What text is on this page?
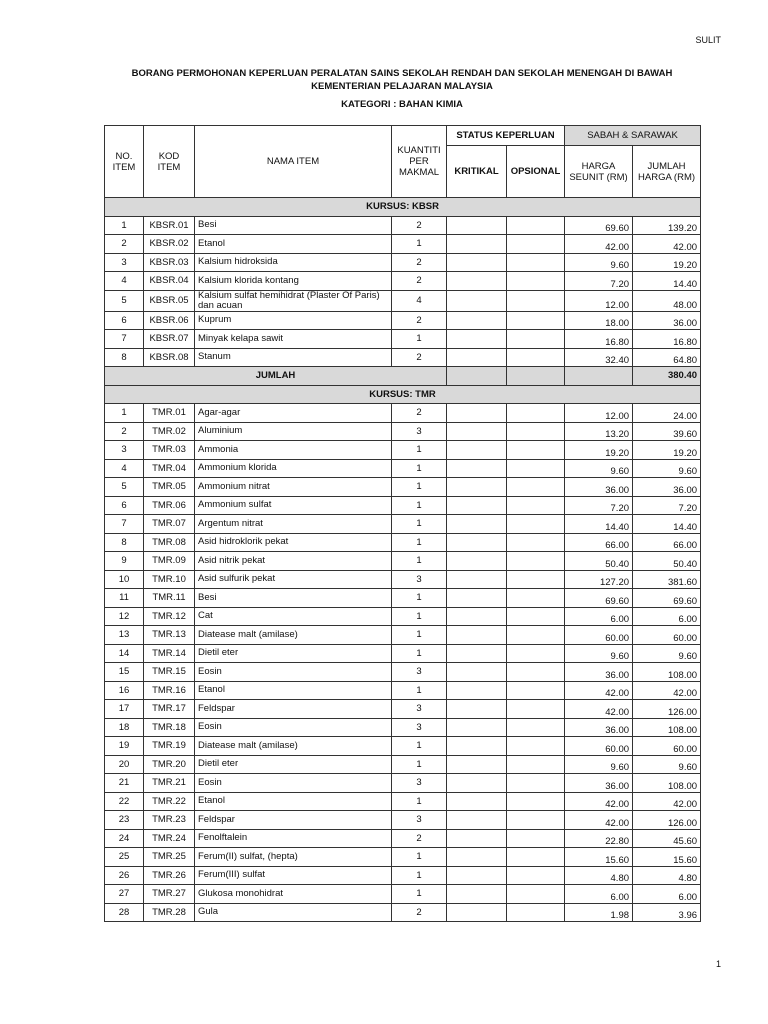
SULIT
BORANG PERMOHONAN KEPERLUAN PERALATAN SAINS SEKOLAH RENDAH DAN SEKOLAH MENENGAH DI BAWAH
KEMENTERIAN PELAJARAN MALAYSIA
KATEGORI : BAHAN KIMIA
NO. ITEM	KOD ITEM	NAMA ITEM	KUANTITI PER MAKMAL	STATUS KEPERLUAN		SABAH & SARAWAK	
				KRITIKAL	OPSIONAL	HARGA SEUNIT (RM)	JUMLAH HARGA (RM)
KURSUS: KBSR							
1	KBSR.01	Besi	2			69.60	139.20
2	KBSR.02	Etanol	1			42.00	42.00
3	KBSR.03	Kalsium hidroksida	2			9.60	19.20
4	KBSR.04	Kalsium klorida kontang	2			7.20	14.40
5	KBSR.05	Kalsium sulfat hemihidrat (Plaster Of Paris) dan acuan	4			12.00	48.00
6	KBSR.06	Kuprum	2			18.00	36.00
7	KBSR.07	Minyak kelapa sawit	1			16.80	16.80
8	KBSR.08	Stanum	2			32.40	64.80
JUMLAH							380.40
KURSUS: TMR							
1	TMR.01	Agar-agar	2			12.00	24.00
2	TMR.02	Aluminium	3			13.20	39.60
3	TMR.03	Ammonia	1			19.20	19.20
4	TMR.04	Ammonium klorida	1			9.60	9.60
5	TMR.05	Ammonium nitrat	1			36.00	36.00
6	TMR.06	Ammonium sulfat	1			7.20	7.20
7	TMR.07	Argentum nitrat	1			14.40	14.40
8	TMR.08	Asid hidroklorik pekat	1			66.00	66.00
9	TMR.09	Asid nitrik pekat	1			50.40	50.40
10	TMR.10	Asid sulfurik pekat	3			127.20	381.60
11	TMR.11	Besi	1			69.60	69.60
12	TMR.12	Cat	1			6.00	6.00
13	TMR.13	Diatease malt (amilase)	1			60.00	60.00
14	TMR.14	Dietil eter	1			9.60	9.60
15	TMR.15	Eosin	3			36.00	108.00
16	TMR.16	Etanol	1			42.00	42.00
17	TMR.17	Feldspar	3			42.00	126.00
18	TMR.18	Eosin	3			36.00	108.00
19	TMR.19	Diatease malt (amilase)	1			60.00	60.00
20	TMR.20	Dietil eter	1			9.60	9.60
21	TMR.21	Eosin	3			36.00	108.00
22	TMR.22	Etanol	1			42.00	42.00
23	TMR.23	Feldspar	3			42.00	126.00
24	TMR.24	Fenolftalein	2			22.80	45.60
25	TMR.25	Ferum(II) sulfat, (hepta)	1			15.60	15.60
26	TMR.26	Ferum(III) sulfat	1			4.80	4.80
27	TMR.27	Glukosa monohidrat	1			6.00	6.00
28	TMR.28	Gula	2			1.98	3.96
1
